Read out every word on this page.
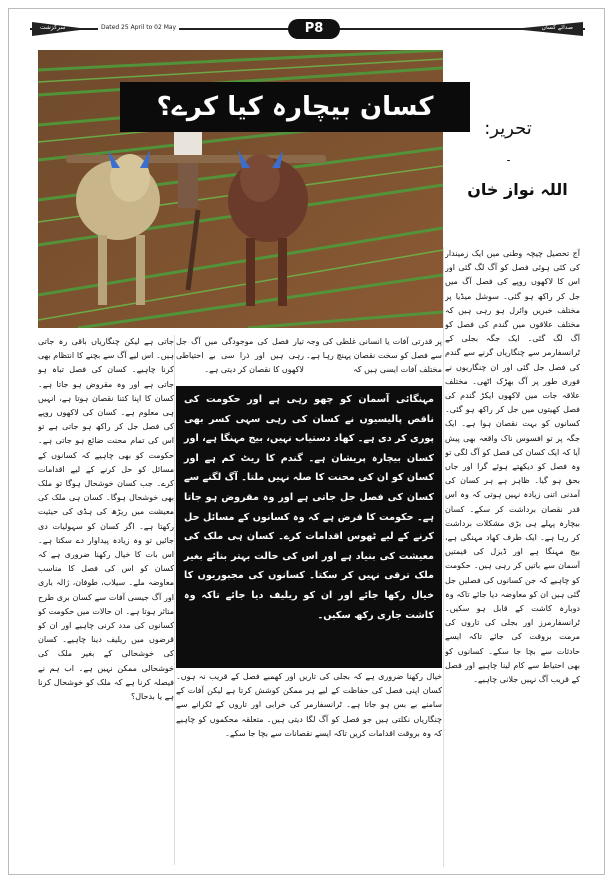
سرگزشت	Dated 25 April to 02 May	P8	صدائے کسان
کسان بیچارہ کیا کرے؟
تحریر:
۔
اللہ نواز خان
آج تحصیل چیچہ وطنی میں ایک زمیندار کی کئی ہوئی فصل کو آگ لگ گئی اور اس کا لاکھوں روپے کی فصل آگ میں جل کر راکھ ہو گئی۔ سوشل میڈیا پر مختلف خبریں وائرل ہو رہی ہیں کہ مختلف علاقوں میں گندم کی فصل کو آگ لگ گئی۔ ایک جگہ بجلی کے ٹرانسفارمر سے چنگاریاں گرنے سے گندم کی فصل جل گئی اور ان چنگاریوں نے فوری طور پر آگ بھڑک اٹھی۔ مختلف علاقہ جات میں لاکھوں ایکڑ گندم کی فصل کھیتوں میں جل کر راکھ ہو گئی۔ کسانوں کو بہت نقصان ہوا ہے۔ ایک جگہ پر تو افسوس ناک واقعہ بھی پیش آیا کہ ایک کسان کی فصل کو آگ لگی تو وہ فصل کو دیکھتے ہوئے گرا اور جاں بحق ہو گیا۔ ظاہر ہے ہر کسان کی آمدنی اتنی زیادہ نہیں ہوتی کہ وہ اس قدر نقصان برداشت کر سکے۔ کسان بیچارہ پہلے ہی بڑی مشکلات برداشت کر رہا ہے۔ ایک طرف کھاد مہنگی ہے، بیج مہنگا ہے اور ڈیزل کی قیمتیں آسمان سے باتیں کر رہی ہیں۔ حکومت کو چاہیے کہ جن کسانوں کی فصلیں جل گئی ہیں ان کو معاوضہ دیا جائے تاکہ وہ دوبارہ کاشت کے قابل ہو سکیں۔ ٹرانسفارمرز اور بجلی کی تاروں کی مرمت بروقت کی جائے تاکہ ایسے حادثات سے بچا جا سکے۔ کسانوں کو بھی احتیاط سے کام لینا چاہیے اور فصل کے قریب آگ نہیں جلانی چاہیے۔
پر قدرتی آفات یا انسانی غلطی کی وجہ سے فصل کو سخت نقصان پہنچ رہا ہے۔ مختلف آفات ایسی ہیں کہ
تیار فصل کی موجودگی میں آگ جل رہی ہیں اور ذرا سی بے احتیاطی لاکھوں کا نقصان کر دیتی ہے۔
جاتی ہے لیکن چنگاریاں باقی رہ جاتی ہیں۔ اس لیے آگ سے بچنے کا انتظام بھی کرنا چاہیے۔ کسان کی فصل تباہ ہو جاتی ہے اور وہ مقروض ہو جاتا ہے۔ کسان کا اپنا کتنا نقصان ہوتا ہے، انہیں ہی معلوم ہے۔ کسان کی لاکھوں روپے کی فصل جل کر راکھ ہو جاتی ہے تو اس کی تمام محنت ضائع ہو جاتی ہے۔ حکومت کو بھی چاہیے کہ کسانوں کے مسائل کو حل کرنے کے لیے اقدامات کرے۔ جب کسان خوشحال ہوگا تو ملک بھی خوشحال ہوگا۔ کسان ہی ملک کی معیشت میں ریڑھ کی ہڈی کی حیثیت رکھتا ہے۔ اگر کسان کو سہولیات دی جائیں تو وہ زیادہ پیداوار دے سکتا ہے۔ اس بات کا خیال رکھنا ضروری ہے کہ کسان کو اس کی فصل کا مناسب معاوضہ ملے۔ سیلاب، طوفان، ژالہ باری اور آگ جیسی آفات سے کسان بری طرح متاثر ہوتا ہے۔ ان حالات میں حکومت کو کسانوں کی مدد کرنی چاہیے اور ان کو قرضوں میں ریلیف دینا چاہیے۔ کسان کی خوشحالی کے بغیر ملک کی خوشحالی ممکن نہیں ہے۔ اب ہم نے فیصلہ کرنا ہے کہ ملک کو خوشحال کرنا ہے یا بدحال؟
مہنگائی آسمان کو چھو رہی ہے اور حکومت کی ناقص پالیسیوں نے کسان کی رہی سہی کسر بھی پوری کر دی ہے۔ کھاد دستیاب نہیں، بیج مہنگا ہے، اور کسان بیچارہ پریشان ہے۔ گندم کا ریٹ کم ہے اور کسان کو ان کی محنت کا صلہ نہیں ملتا۔ آگ لگنے سے کسان کی فصل جل جاتی ہے اور وہ مقروض ہو جاتا ہے۔ حکومت کا فرض ہے کہ وہ کسانوں کے مسائل حل کرنے کے لیے ٹھوس اقدامات کرے۔ کسان ہی ملک کی معیشت کی بنیاد ہے اور اس کی حالت بہتر بنائے بغیر ملک ترقی نہیں کر سکتا۔ کسانوں کی مجبوریوں کا خیال رکھا جائے اور ان کو ریلیف دیا جائے تاکہ وہ کاشت جاری رکھ سکیں۔
خیال رکھنا ضروری ہے کہ بجلی کی تاریں اور کھمبے فصل کے قریب نہ ہوں۔ کسان اپنی فصل کی حفاظت کے لیے ہر ممکن کوشش کرتا ہے لیکن آفات کے سامنے بے بس ہو جاتا ہے۔ ٹرانسفارمر کی خرابی اور تاروں کے ٹکرانے سے چنگاریاں نکلتی ہیں جو فصل کو آگ لگا دیتی ہیں۔ متعلقہ محکموں کو چاہیے کہ وہ بروقت اقدامات کریں تاکہ ایسے نقصانات سے بچا جا سکے۔
